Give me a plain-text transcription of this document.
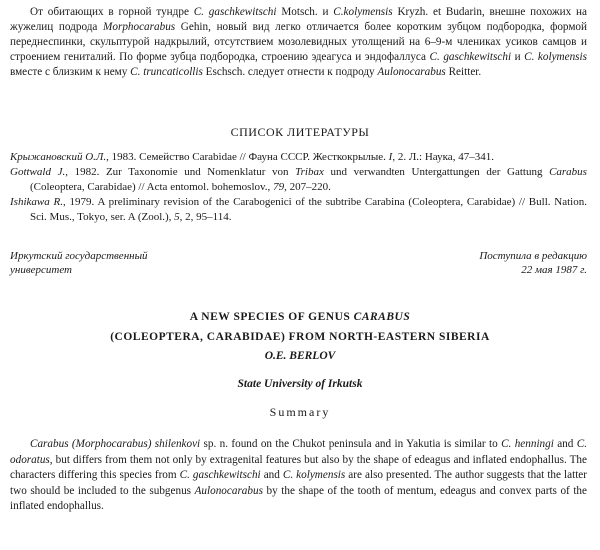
От обитающих в горной тундре C. gaschkewitschi Motsch. и C.kolymensis Kryzh. et Budarin, внешне похожих на жужелиц подрода Morphocarabus Gehin, новый вид легко отличается более коротким зубцом подбородка, формой переднеспинки, скульптурой надкрылий, отсутствием мозолевидных утолщений на 6–9-м члениках усиков самцов и строением гениталий. По форме зубца подбородка, строению эдеагуса и эндофаллуса C. gaschkewitschi и C. kolymensis вместе с близким к нему C. truncaticollis Eschsch. следует отнести к подроду Aulonocarabus Reitter.

СПИСОК ЛИТЕРАТУРЫ

Крыжановский О.Л., 1983. Семейство Carabidae // Фауна СССР. Жесткокрылые. I, 2. Л.: Наука, 47–341.

Gottwald J., 1982. Zur Taxonomie und Nomenklatur von Tribax und verwandten Untergattungen der Gattung Carabus (Coleoptera, Carabidae) // Acta entomol. bohemoslov., 79, 207–220.

Ishikawa R., 1979. A preliminary revision of the Carabogenici of the subtribe Carabina (Coleoptera, Carabidae) // Bull. Nation. Sci. Mus., Tokyo, ser. A (Zool.), 5, 2, 95–114.

Иркутский государственный
университет
Поступила в редакцию
22 мая 1987 г.
A NEW SPECIES OF GENUS CARABUS
(COLEOPTERA, CARABIDAE) FROM NORTH-EASTERN SIBERIA
O.E. BERLOV
State University of Irkutsk
Summary

Carabus (Morphocarabus) shilenkovi sp. n. found on the Chukot peninsula and in Yakutia is similar to C. henningi and C. odoratus, but differs from them not only by extragenital features but also by the shape of edeagus and inflated endophallus. The characters differing this species from C. gaschkewitschi and C. kolymensis are also presented. The author suggests that the latter two should be included to the subgenus Aulonocarabus by the shape of the tooth of mentum, edeagus and convex parts of the inflated endophallus.
